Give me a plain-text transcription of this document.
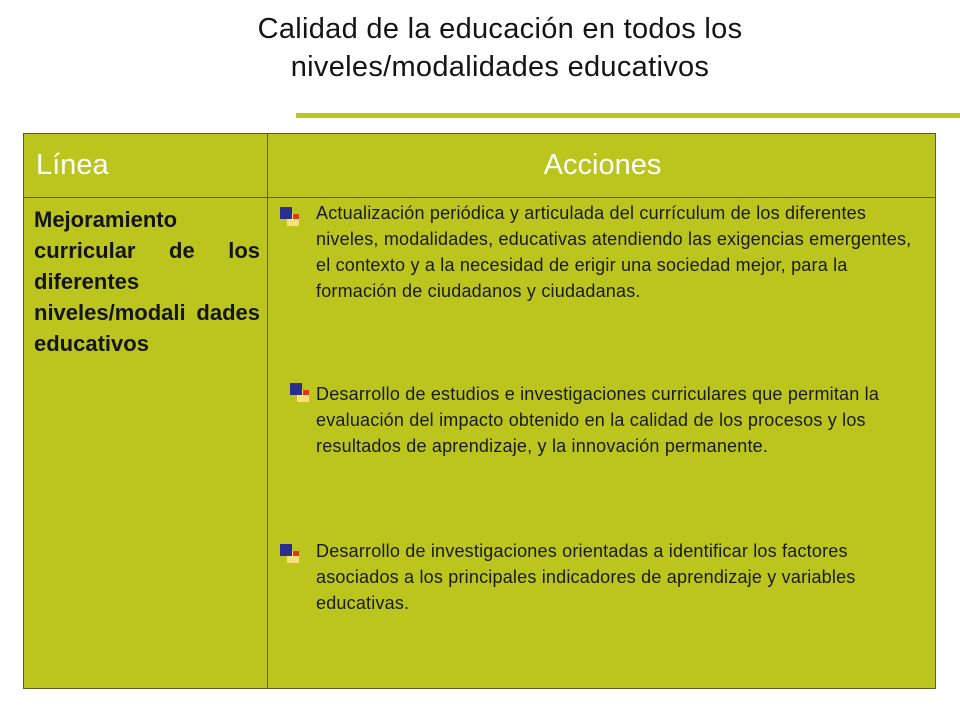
Calidad de la educación en todos los niveles/modalidades educativos
Línea	Acciones
Mejoramiento curricular de los diferentes niveles/modali dades educativos
Actualización periódica y articulada del currículum de los diferentes niveles, modalidades, educativas atendiendo las exigencias emergentes, el contexto y a la necesidad de erigir una sociedad mejor, para la formación de ciudadanos y ciudadanas.
Desarrollo de estudios e investigaciones curriculares que permitan la evaluación del impacto obtenido en la calidad de los procesos y los resultados de aprendizaje, y la innovación permanente.
Desarrollo de investigaciones orientadas a identificar los factores asociados a los principales indicadores de aprendizaje y variables educativas.
